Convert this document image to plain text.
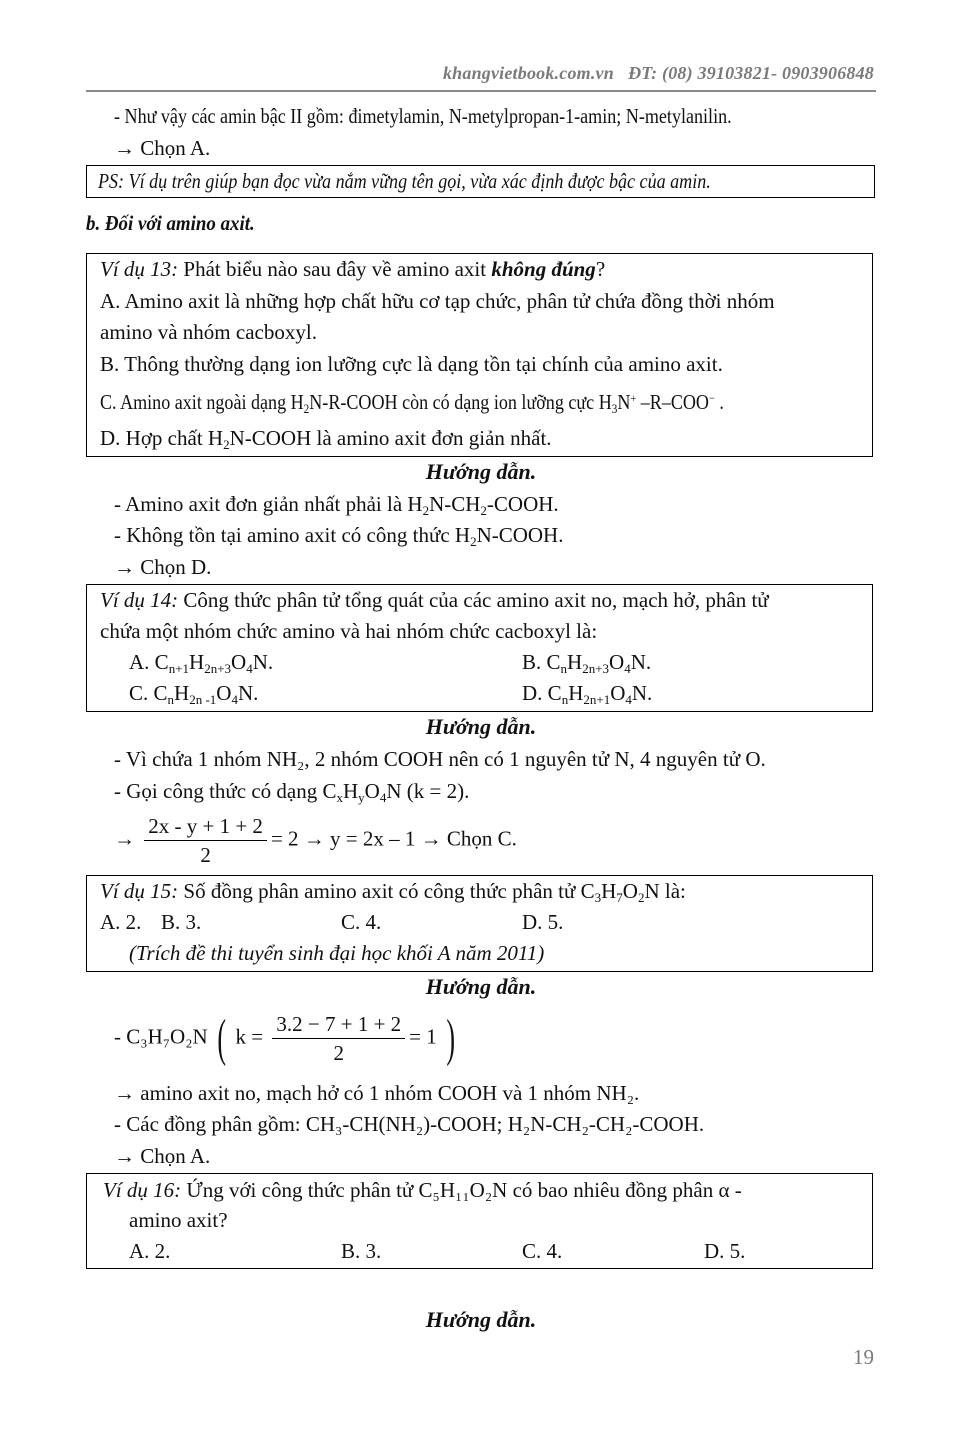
khangvietbook.com.vn ĐT: (08) 39103821- 0903906848
- Như vậy các amin bậc II gồm: đimetylamin, N-metylpropan-1-amin; N-metylanilin.
→ Chọn A.
PS: Ví dụ trên giúp bạn đọc vừa nắm vững tên gọi, vừa xác định được bậc của amin.
b. Đối với amino axit.
Ví dụ 13: Phát biểu nào sau đây về amino axit không đúng?
A. Amino axit là những hợp chất hữu cơ tạp chức, phân tử chứa đồng thời nhóm
amino và nhóm cacboxyl.
B. Thông thường dạng ion lưỡng cực là dạng tồn tại chính của amino axit.
C. Amino axit ngoài dạng $H_2N-R$-COOH còn có dạng ion lưỡng cực $H_3N^+$ –R–COO− .
D. Hợp chất $H_2N$-COOH là amino axit đơn giản nhất.
Hướng dẫn.
- Amino axit đơn giản nhất phải là $H_2N-CH_2$-COOH.
- Không tồn tại amino axit có công thức $H_2N$-COOH.
→ Chọn D.
Ví dụ 14: Công thức phân tử tổng quát của các amino axit no, mạch hở, phân tử
chứa một nhóm chức amino và hai nhóm chức cacboxyl là:
A. $C_{n+1}H_{2n+3}O_4N$.	B. $C_nH_{2n+3}O_4N$.
C. $C_nH_{2n -1}O_4N$.	D. $C_nH_{2n+1}O_4N$.
Hướng dẫn.
- Vì chứa 1 nhóm NH₂, 2 nhóm COOH nên có 1 nguyên tử N, 4 nguyên tử O.
- Gọi công thức có dạng $C_xH_yO_4N$ (k = 2).
→ $\frac{2x - y + 1 + 2}{2} = 2 \to y = 2x - 1$ → Chọn C.
Ví dụ 15: Số đồng phân amino axit có công thức phân tử $C_3H_7O_2N$ là:
A. 2. B. 3.	C. 4.	D. 5.
(Trích đề thi tuyển sinh đại học khối A năm 2011)
Hướng dẫn.
- C₃H₇O₂N ( $k = \frac{3.2 - 7 + 1 + 2}{2} = 1$ )
→ amino axit no, mạch hở có 1 nhóm COOH và 1 nhóm NH₂.
- Các đồng phân gồm: CH₃-CH(NH₂)-COOH; H₂N-CH₂-CH₂-COOH.
→ Chọn A.
Ví dụ 16: Ứng với công thức phân tử C₅H₁₁O₂N có bao nhiêu đồng phân α -
amino axit?
A. 2.	B. 3.	C. 4.	D. 5.
Hướng dẫn.
19
